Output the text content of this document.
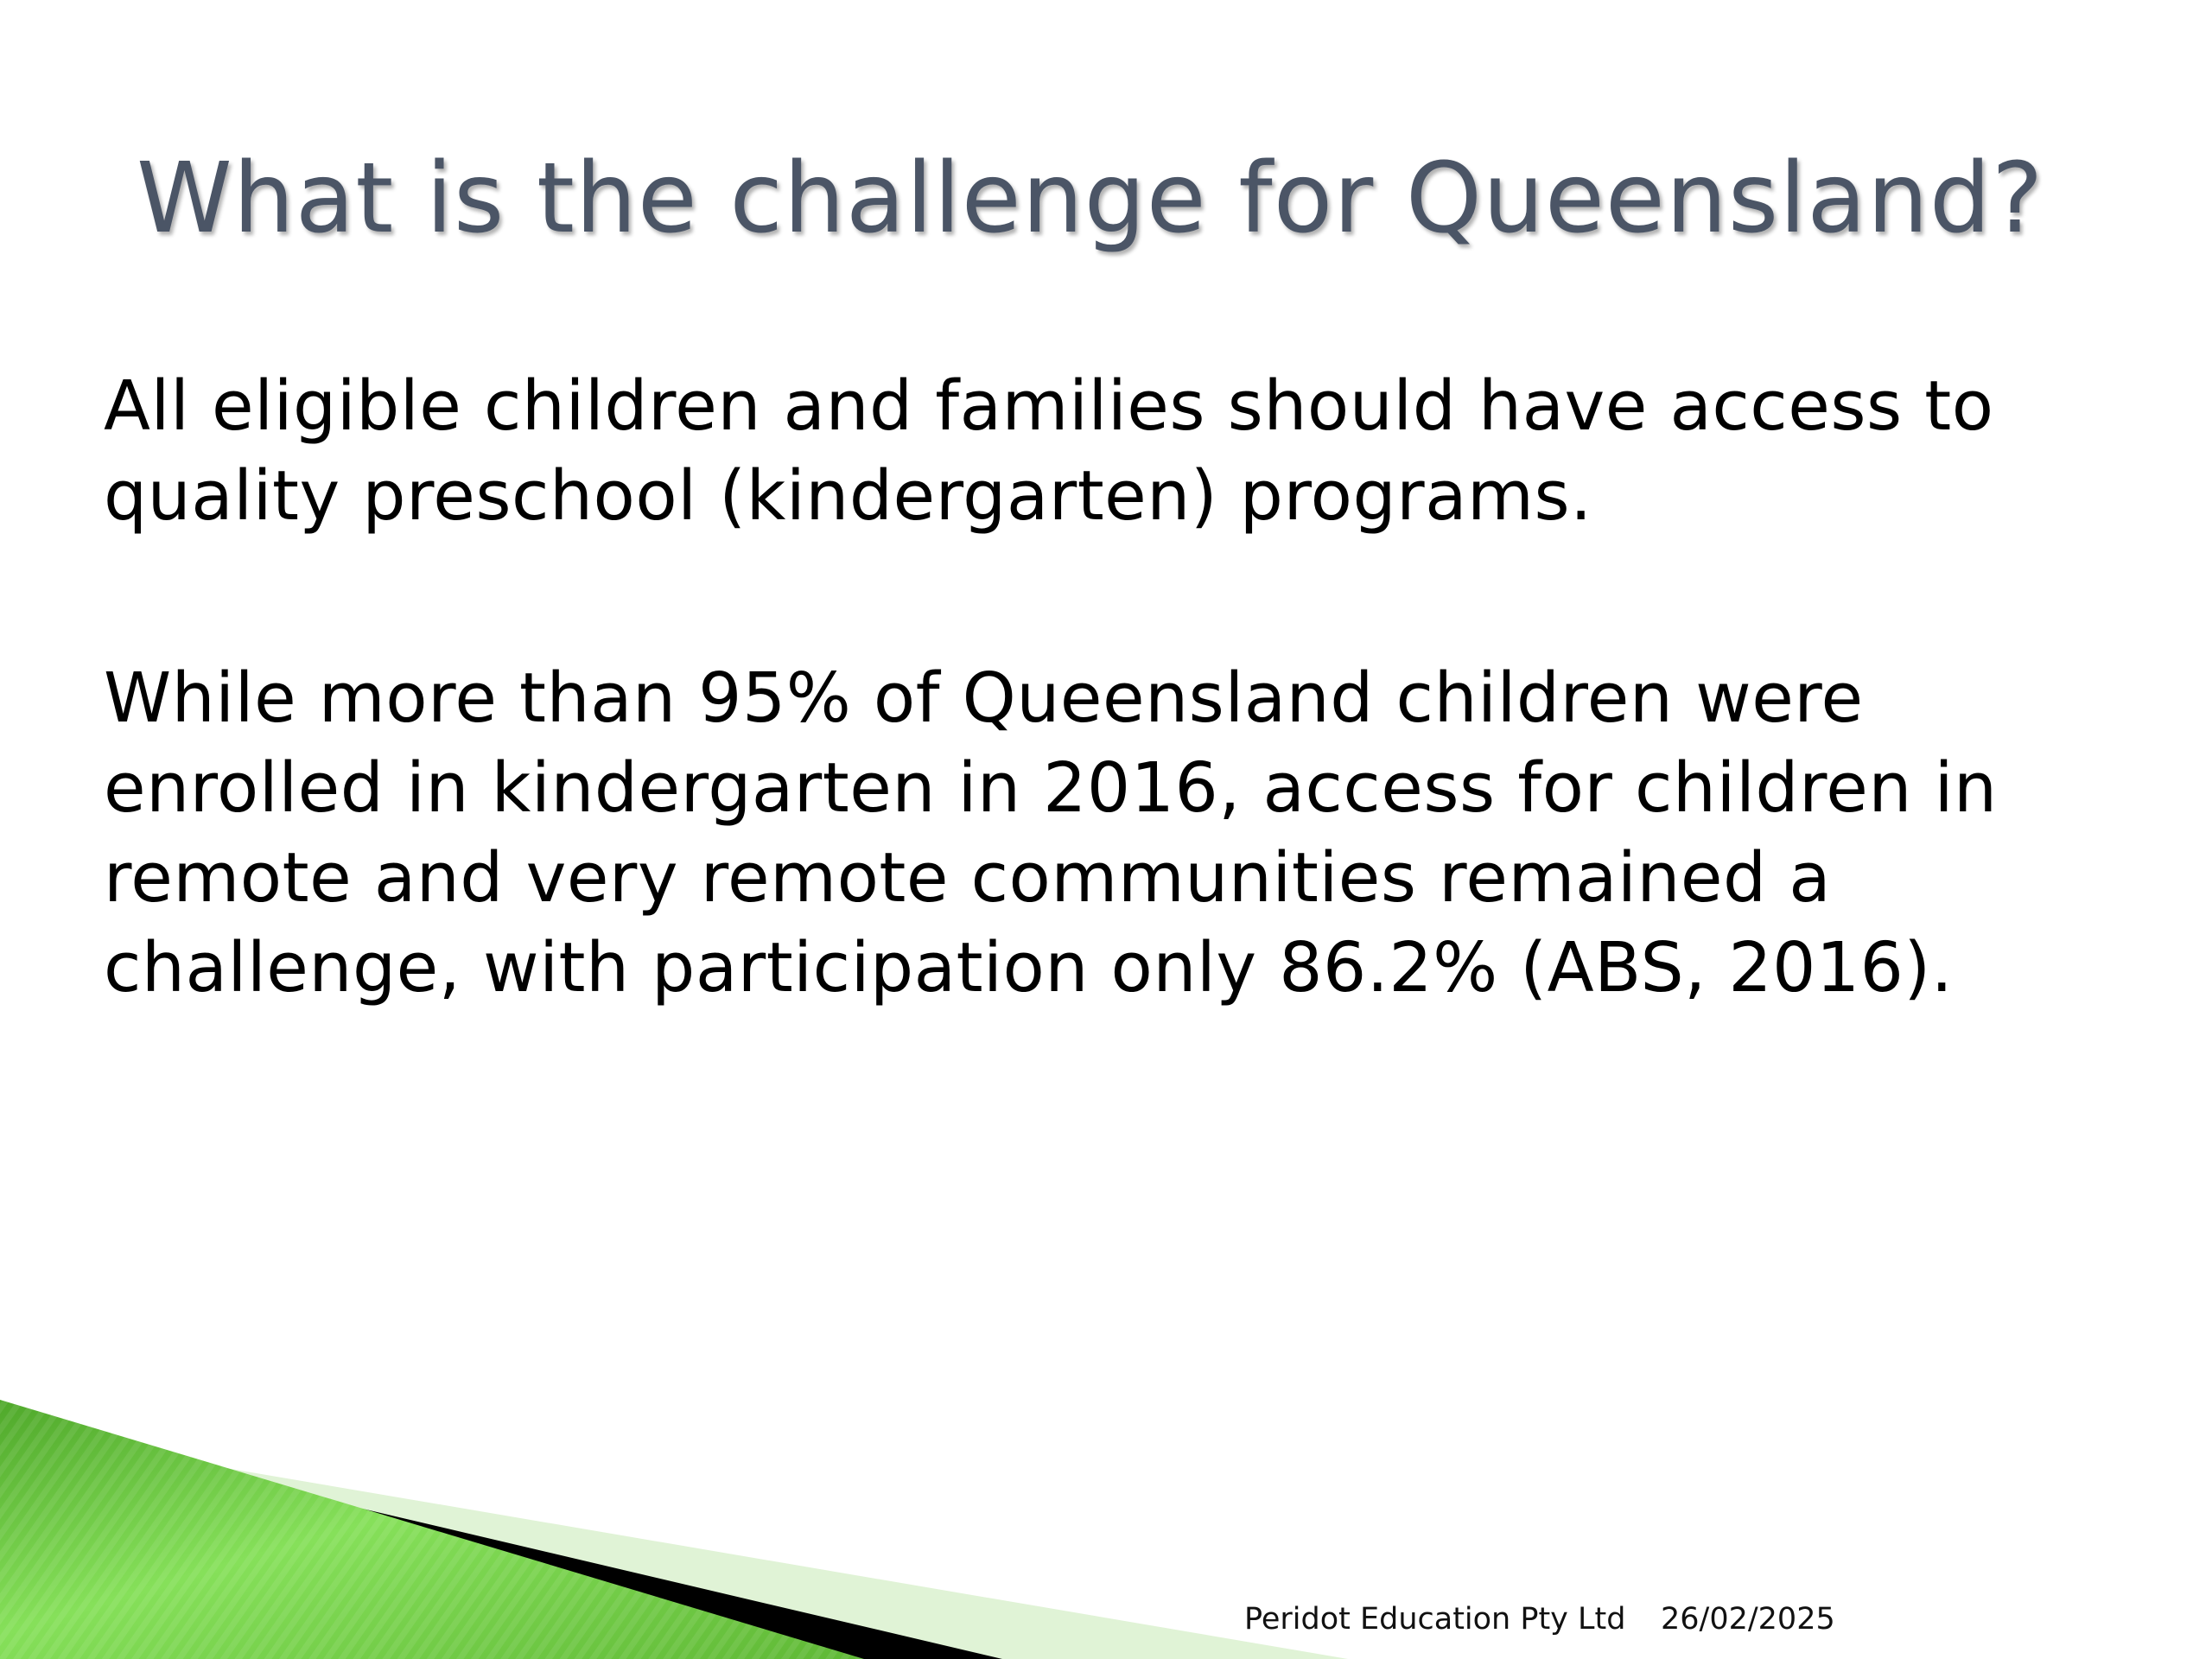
What is the challenge for Queensland?

All eligible children and families should have access to quality preschool (kindergarten) programs.

While more than 95% of Queensland children were enrolled in kindergarten in 2016, access for children in remote and very remote communities remained a challenge, with participation only 86.2% (ABS, 2016).

Peridot Education Pty Ltd 26/02/2025
